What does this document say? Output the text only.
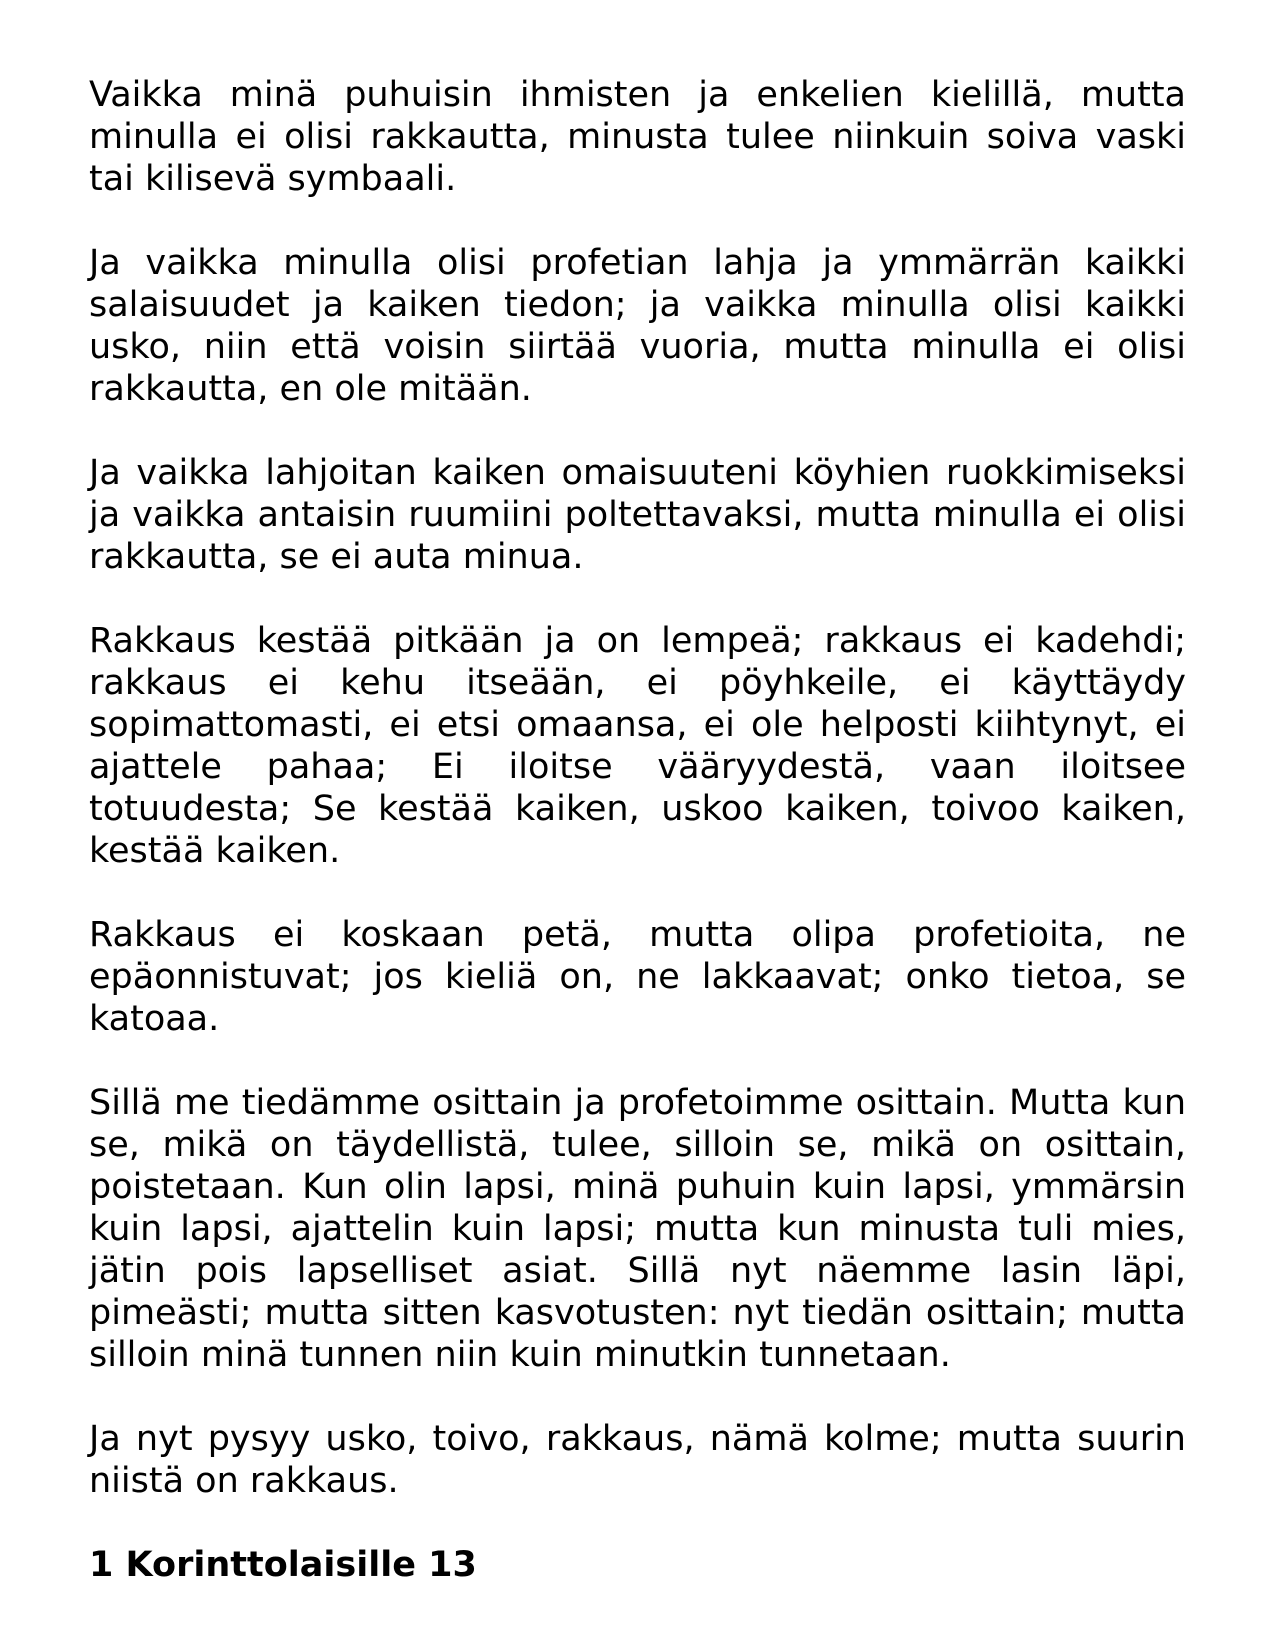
Vaikka minä puhuisin ihmisten ja enkelien kielillä, mutta minulla ei olisi rakkautta, minusta tulee niinkuin soiva vaski tai kilisevä symbaali.

Ja vaikka minulla olisi profetian lahja ja ymmärrän kaikki salaisuudet ja kaiken tiedon; ja vaikka minulla olisi kaikki usko, niin että voisin siirtää vuoria, mutta minulla ei olisi rakkautta, en ole mitään.

Ja vaikka lahjoitan kaiken omaisuuteni köyhien ruokkimiseksi ja vaikka antaisin ruumiini poltettavaksi, mutta minulla ei olisi rakkautta, se ei auta minua.

Rakkaus kestää pitkään ja on lempeä; rakkaus ei kadehdi; rakkaus ei kehu itseään, ei pöyhkeile, ei käyttäydy sopimattomasti, ei etsi omaansa, ei ole helposti kiihtynyt, ei ajattele pahaa; Ei iloitse vääryydestä, vaan iloitsee totuudesta; Se kestää kaiken, uskoo kaiken, toivoo kaiken, kestää kaiken.

Rakkaus ei koskaan petä, mutta olipa profetioita, ne epäonnistuvat; jos kieliä on, ne lakkaavat; onko tietoa, se katoaa.

Sillä me tiedämme osittain ja profetoimme osittain. Mutta kun se, mikä on täydellistä, tulee, silloin se, mikä on osittain, poistetaan. Kun olin lapsi, minä puhuin kuin lapsi, ymmärsin kuin lapsi, ajattelin kuin lapsi; mutta kun minusta tuli mies, jätin pois lapselliset asiat. Sillä nyt näemme lasin läpi, pimeästi; mutta sitten kasvotusten: nyt tiedän osittain; mutta silloin minä tunnen niin kuin minutkin tunnetaan.

Ja nyt pysyy usko, toivo, rakkaus, nämä kolme; mutta suurin niistä on rakkaus.

1 Korinttolaisille 13
